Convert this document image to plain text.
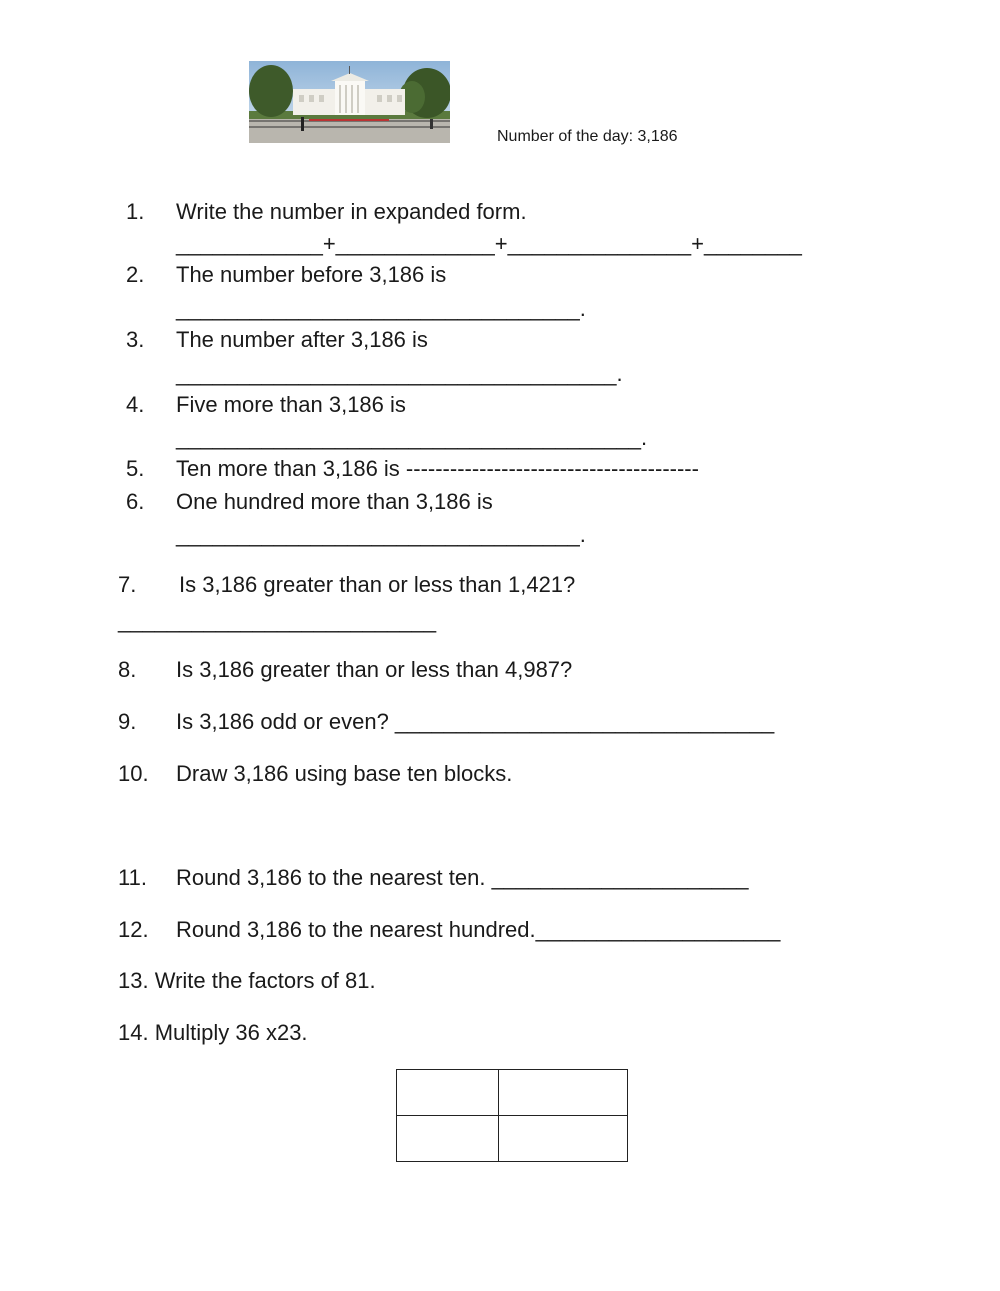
Number of the day: 3,186
1. Write the number in expanded form.
____________+_____________+_______________+________
2. The number before 3,186 is
_________________________________.
3. The number after 3,186 is
____________________________________.
4. Five more than 3,186 is
______________________________________.
5. Ten more than 3,186 is ----------------------------------------
6. One hundred more than 3,186 is
_________________________________.
7. Is 3,186 greater than or less than 1,421?
__________________________
8. Is 3,186 greater than or less than 4,987?
9. Is 3,186 odd or even? _______________________________
10. Draw 3,186 using base ten blocks.
11. Round 3,186 to the nearest ten. _____________________
12. Round 3,186 to the nearest hundred.____________________
13. Write the factors of 81.
14. Multiply 36 x23.
